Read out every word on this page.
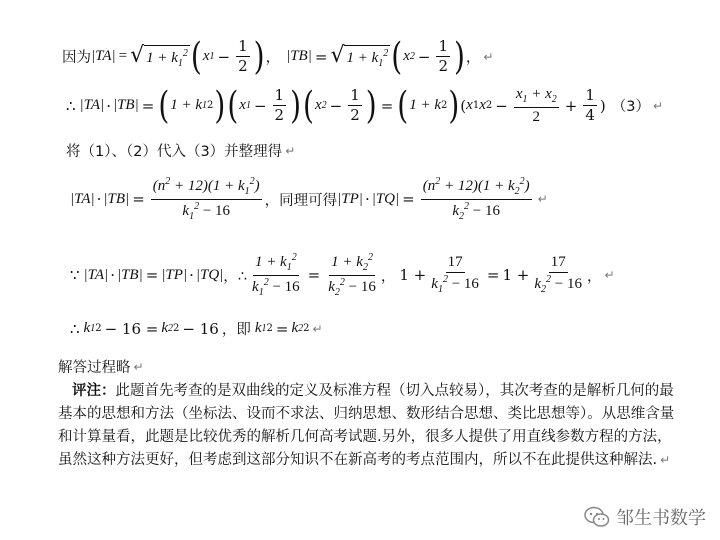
因为 |TA| = √ $1 + k_1^2$ ( x $1 - \frac{1}{2}$ ) ， |TB| = √ $1 + k_1^2$ ( x $2 - \frac{1}{2}$ ) ， ↵
∴ |TA| · |TB| = ( 1 + k 1 2 ) ( x $1 - \frac{1}{2}$ ) ( x $2 - \frac{1}{2}$ ) = ( 1 + k 2 ) ( x 1 x $2 - \frac{x_1 + x_2}{2} + \frac{1}{4}$ ) （3） ↵
将（1）、（2）代入（3）并整理得 ↵
$|TA| \cdot |TB| = \frac{(n^2 + 12)(1 + k_1^2)}{k_1^2 - 16}$ ，同理可得 $|TP| \cdot |TQ| = \frac{(n^2 + 12)(1 + k_2^2)}{k_2^2 - 16}$ ↵
∵ |TA| · |TB| = |TP| · |TQ| ，∴ $\frac{1 + k_1^2}{k_1^2 - 16} = \frac{1 + k_2^2}{k_2^2 - 16}$ ， $1 + \frac{17}{k_1^2 - 16} = 1 + \frac{17}{k_2^2 - 16}$ ， ↵
∴ k 1 2 − 16 = k 2 2 − 16 ，即 k 1 2 = k 2 2 ↵
解答过程略 ↵
评注：此题首先考查的是双曲线的定义及标准方程（切入点较易），其次考查的是解析几何的最基本的思想和方法（坐标法、设而不求法、归纳思想、数形结合思想、类比思想等）。从思维含量和计算量看，此题是比较优秀的解析几何高考试题.另外，很多人提供了用直线参数方程的方法，虽然这种方法更好，但考虑到这部分知识不在新高考的考点范围内，所以不在此提供这种解法. ↵
邹生书数学
